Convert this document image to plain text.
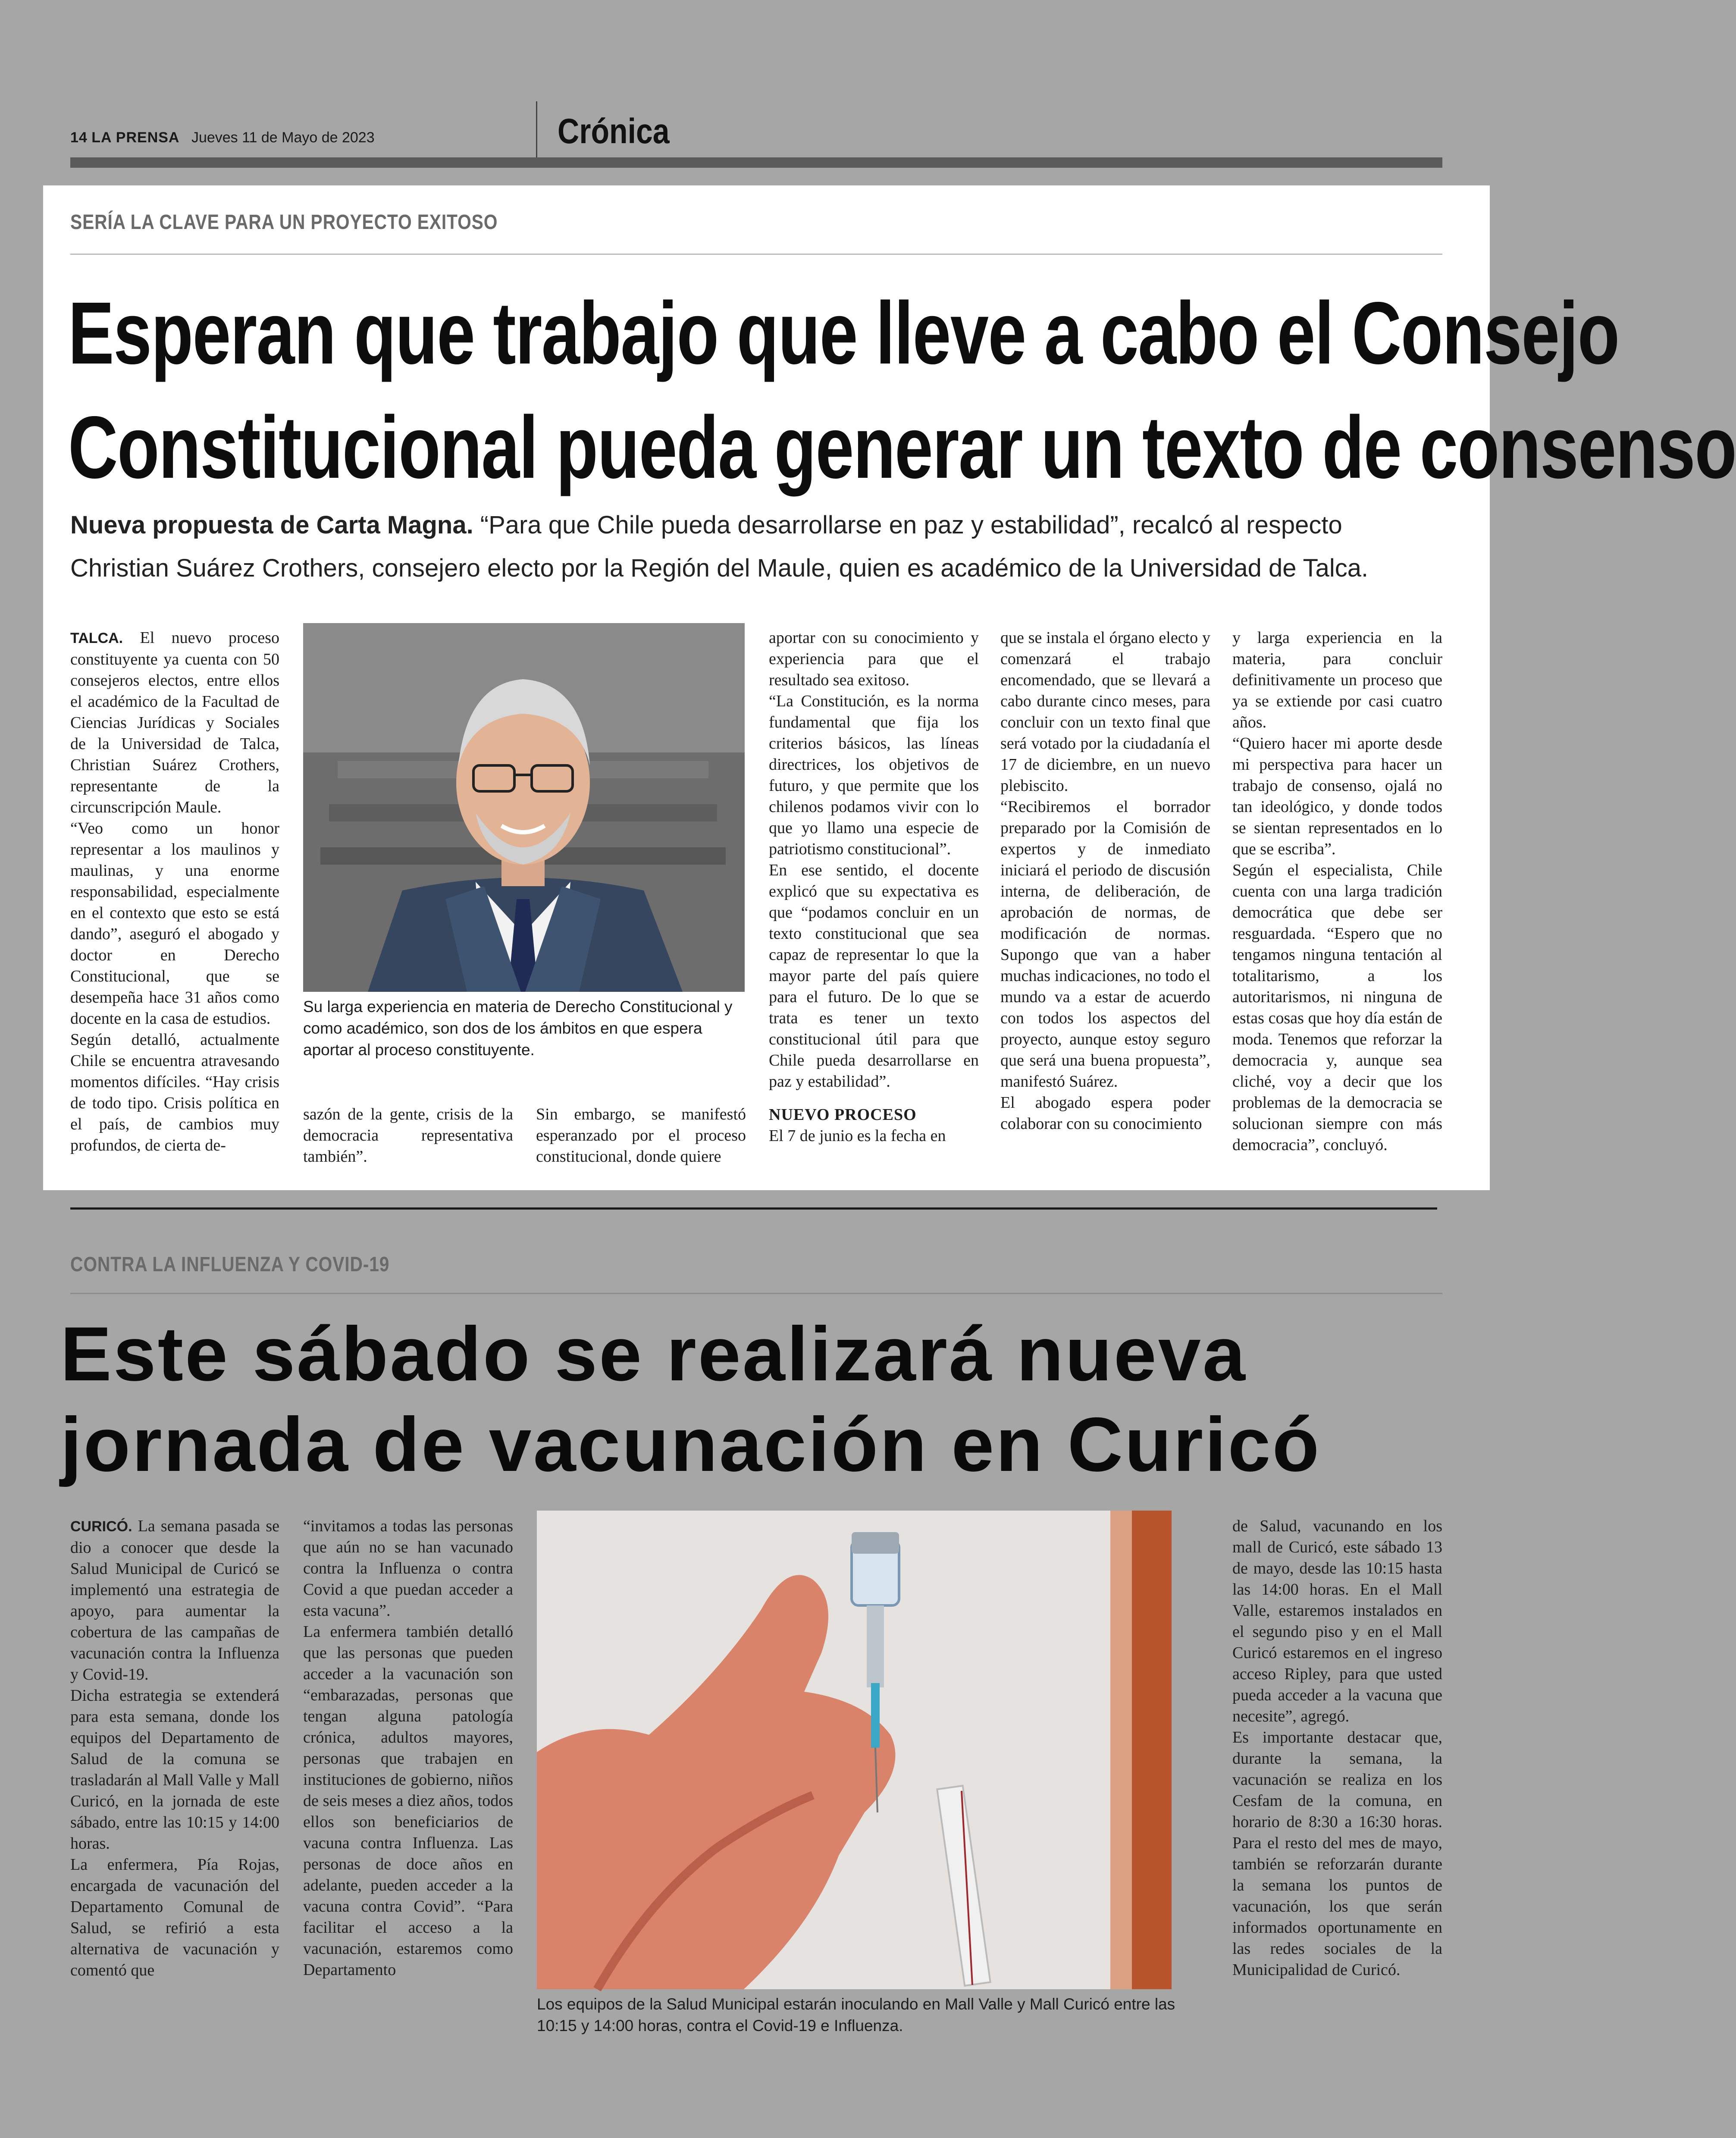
14 LA PRENSA Jueves 11 de Mayo de 2023	Crónica
SERÍA LA CLAVE PARA UN PROYECTO EXITOSO
Esperan que trabajo que lleve a cabo el Consejo
Constitucional pueda generar un texto de consenso
Nueva propuesta de Carta Magna. “Para que Chile pueda desarrollarse en paz y estabilidad”, recalcó al respecto
Christian Suárez Crothers, consejero electo por la Región del Maule, quien es académico de la Universidad de Talca.

TALCA. El nuevo proceso constituyente ya cuenta con 50 consejeros electos, entre ellos el académico de la Facultad de Ciencias Jurídicas y Sociales de la Universidad de Talca, Christian Suárez Crothers, representante de la circunscripción Maule.

“Veo como un honor representar a los maulinos y maulinas, y una enorme responsabilidad, especialmente en el contexto que esto se está dando”, aseguró el abogado y doctor en Derecho Constitucional, que se desempeña hace 31 años como docente en la casa de estudios.

Según detalló, actualmente Chile se encuentra atravesando momentos difíciles. “Hay crisis de todo tipo. Crisis política en el país, de cambios muy profundos, de cierta de-

Su larga experiencia en materia de Derecho Constitucional y como académico, son dos de los ámbitos en que espera aportar al proceso constituyente.

sazón de la gente, crisis de la democracia representativa también”.

Sin embargo, se manifestó esperanzado por el proceso constitucional, donde quiere

aportar con su conocimiento y experiencia para que el resultado sea exitoso.

“La Constitución, es la norma fundamental que fija los criterios básicos, las líneas directrices, los objetivos de futuro, y que permite que los chilenos podamos vivir con lo que yo llamo una especie de patriotismo constitucional”.

En ese sentido, el docente explicó que su expectativa es que “podamos concluir en un texto constitucional que sea capaz de representar lo que la mayor parte del país quiere para el futuro. De lo que se trata es tener un texto constitucional útil para que Chile pueda desarrollarse en paz y estabilidad”.

NUEVO PROCESO

El 7 de junio es la fecha en

que se instala el órgano electo y comenzará el trabajo encomendado, que se llevará a cabo durante cinco meses, para concluir con un texto final que será votado por la ciudadanía el 17 de diciembre, en un nuevo plebiscito.

“Recibiremos el borrador preparado por la Comisión de expertos y de inmediato iniciará el periodo de discusión interna, de deliberación, de aprobación de normas, de modificación de normas. Supongo que van a haber muchas indicaciones, no todo el mundo va a estar de acuerdo con todos los aspectos del proyecto, aunque estoy seguro que será una buena propuesta”, manifestó Suárez.

El abogado espera poder colaborar con su conocimiento

y larga experiencia en la materia, para concluir definitivamente un proceso que ya se extiende por casi cuatro años.

“Quiero hacer mi aporte desde mi perspectiva para hacer un trabajo de consenso, ojalá no tan ideológico, y donde todos se sientan representados en lo que se escriba”.

Según el especialista, Chile cuenta con una larga tradición democrática que debe ser resguardada. “Espero que no tengamos ninguna tentación al totalitarismo, a los autoritarismos, ni ninguna de estas cosas que hoy día están de moda. Tenemos que reforzar la democracia y, aunque sea cliché, voy a decir que los problemas de la democracia se solucionan siempre con más democracia”, concluyó.

CONTRA LA INFLUENZA Y COVID-19
Este sábado se realizará nueva
jornada de vacunación en Curicó

CURICÓ. La semana pasada se dio a conocer que desde la Salud Municipal de Curicó se implementó una estrategia de apoyo, para aumentar la cobertura de las campañas de vacunación contra la Influenza y Covid-19.

Dicha estrategia se extenderá para esta semana, donde los equipos del Departamento de Salud de la comuna se trasladarán al Mall Valle y Mall Curicó, en la jornada de este sábado, entre las 10:15 y 14:00 horas.

La enfermera, Pía Rojas, encargada de vacunación del Departamento Comunal de Salud, se refirió a esta alternativa de vacunación y comentó que

“invitamos a todas las personas que aún no se han vacunado contra la Influenza o contra Covid a que puedan acceder a esta vacuna”.

La enfermera también detalló que las personas que pueden acceder a la vacunación son “embarazadas, personas que tengan alguna patología crónica, adultos mayores, personas que trabajen en instituciones de gobierno, niños de seis meses a diez años, todos ellos son beneficiarios de vacuna contra Influenza. Las personas de doce años en adelante, pueden acceder a la vacuna contra Covid”. “Para facilitar el acceso a la vacunación, estaremos como Departamento

Los equipos de la Salud Municipal estarán inoculando en Mall Valle y Mall Curicó entre las 10:15 y 14:00 horas, contra el Covid-19 e Influenza.

de Salud, vacunando en los mall de Curicó, este sábado 13 de mayo, desde las 10:15 hasta las 14:00 horas. En el Mall Valle, estaremos instalados en el segundo piso y en el Mall Curicó estaremos en el ingreso acceso Ripley, para que usted pueda acceder a la vacuna que necesite”, agregó.

Es importante destacar que, durante la semana, la vacunación se realiza en los Cesfam de la comuna, en horario de 8:30 a 16:30 horas. Para el resto del mes de mayo, también se reforzarán durante la semana los puntos de vacunación, los que serán informados oportunamente en las redes sociales de la Municipalidad de Curicó.
